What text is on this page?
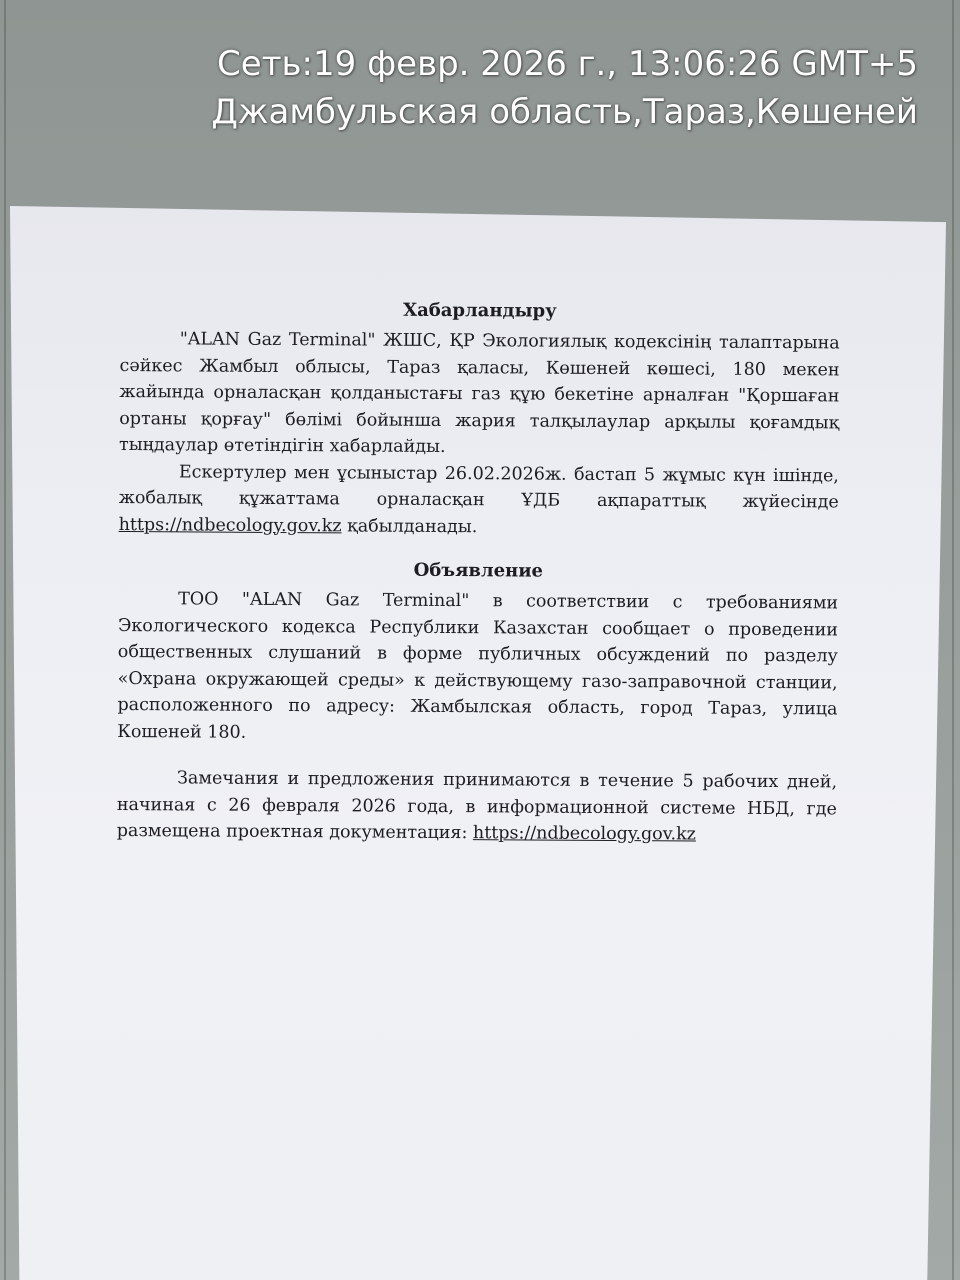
Сеть:19 февр. 2026 г., 13:06:26 GMT+5
Джамбульская область,Тараз,Көшеней
Хабарландыру

"ALAN Gaz Terminal" ЖШС, ҚР Экологиялық кодексінің талаптарына сәйкес Жамбыл облысы, Тараз қаласы, Көшеней көшесі, 180 мекен жайында орналасқан қолданыстағы газ құю бекетіне арналған "Қоршаған ортаны қорғау" бөлімі бойынша жария талқылаулар арқылы қоғамдық тыңдаулар өтетіндігін хабарлайды.

Ескертулер мен ұсыныстар 26.02.2026ж. бастап 5 жұмыс күн ішінде, жобалық құжаттама орналасқан ҰДБ ақпараттық жүйесінде https://ndbecology.gov.kz қабылданады.

Объявление

ТОО "ALAN Gaz Terminal" в соответствии с требованиями Экологического кодекса Республики Казахстан сообщает о проведении общественных слушаний в форме публичных обсуждений по разделу «Охрана окружающей среды» к действующему газо-заправочной станции, расположенного по адресу: Жамбылская область, город Тараз, улица Кошеней 180.

Замечания и предложения принимаются в течение 5 рабочих дней, начиная с 26 февраля 2026 года, в информационной системе НБД, где размещена проектная документация: https://ndbecology.gov.kz
